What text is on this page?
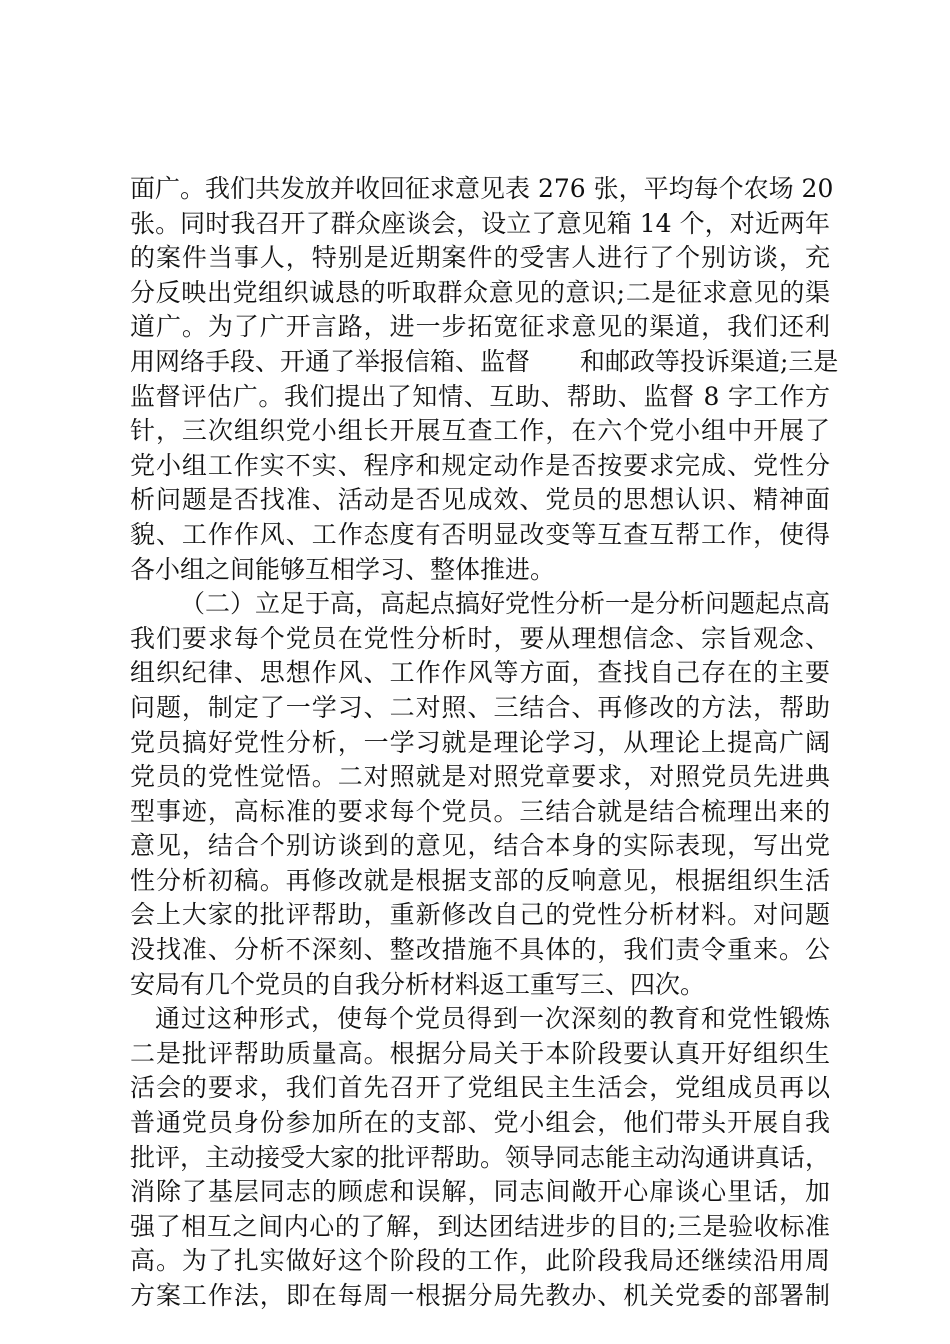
面广。我们共发放并收回征求意见表 276 张，平均每个农场 20
张。同时我召开了群众座谈会，设立了意见箱 14 个，对近两年
的案件当事人，特别是近期案件的受害人进行了个别访谈，充
分反映出党组织诚恳的听取群众意见的意识;二是征求意见的渠
道广。为了广开言路，进一步拓宽征求意见的渠道，我们还利
用网络手段、开通了举报信箱、监督　　和邮政等投诉渠道;三是
监督评估广。我们提出了知情、互助、帮助、监督 8 字工作方
针，三次组织党小组长开展互查工作，在六个党小组中开展了
党小组工作实不实、程序和规定动作是否按要求完成、党性分
析问题是否找准、活动是否见成效、党员的思想认识、精神面
貌、工作作风、工作态度有否明显改变等互查互帮工作，使得
各小组之间能够互相学习、整体推进。
（二）立足于高，高起点搞好党性分析一是分析问题起点高
我们要求每个党员在党性分析时，要从理想信念、宗旨观念、
组织纪律、思想作风、工作作风等方面，查找自己存在的主要
问题，制定了一学习、二对照、三结合、再修改的方法，帮助
党员搞好党性分析，一学习就是理论学习，从理论上提高广阔
党员的党性觉悟。二对照就是对照党章要求，对照党员先进典
型事迹，高标准的要求每个党员。三结合就是结合梳理出来的
意见，结合个别访谈到的意见，结合本身的实际表现，写出党
性分析初稿。再修改就是根据支部的反响意见，根据组织生活
会上大家的批评帮助，重新修改自己的党性分析材料。对问题
没找准、分析不深刻、整改措施不具体的，我们责令重来。公
安局有几个党员的自我分析材料返工重写三、四次。
通过这种形式，使每个党员得到一次深刻的教育和党性锻炼
二是批评帮助质量高。根据分局关于本阶段要认真开好组织生
活会的要求，我们首先召开了党组民主生活会，党组成员再以
普通党员身份参加所在的支部、党小组会，他们带头开展自我
批评，主动接受大家的批评帮助。领导同志能主动沟通讲真话，
消除了基层同志的顾虑和误解，同志间敞开心扉谈心里话，加
强了相互之间内心的了解，到达团结进步的目的;三是验收标准
高。为了扎实做好这个阶段的工作，此阶段我局还继续沿用周
方案工作法，即在每周一根据分局先教办、机关党委的部署制
